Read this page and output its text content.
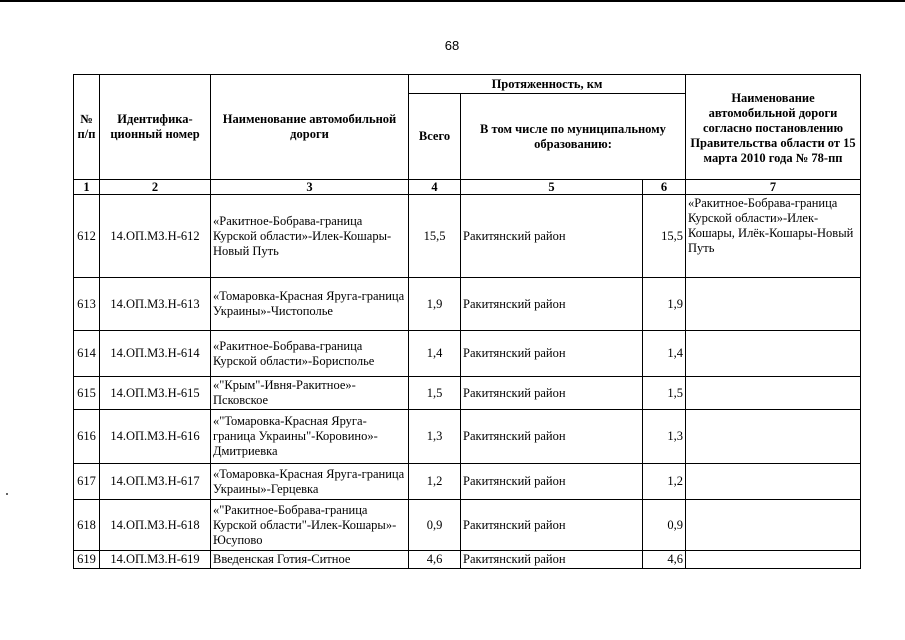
68
№ п/п	Идентифика-ционный номер	Наименование автомобильной дороги	Протяженность, км			Наименование автомобильной дороги согласно постановлению Правительства области от 15 марта 2010 года № 78-пп
			Всего	В том числе по муниципальному образованию:		
1	2	3	4	5	6	7
612	14.ОП.МЗ.Н-612	«Ракитное-Бобрава-граница Курской области»-Илек-Кошары-Новый Путь	15,5	Ракитянский район	15,5	«Ракитное-Бобрава-граница Курской области»-Илек-Кошары, Илёк-Кошары-Новый Путь
613	14.ОП.МЗ.Н-613	«Томаровка-Красная Яруга-граница Украины»-Чистополье	1,9	Ракитянский район	1,9	
614	14.ОП.МЗ.Н-614	«Ракитное-Бобрава-граница Курской области»-Борисполье	1,4	Ракитянский район	1,4	
615	14.ОП.МЗ.Н-615	«"Крым"-Ивня-Ракитное»-Псковское	1,5	Ракитянский район	1,5	
616	14.ОП.МЗ.Н-616	«"Томаровка-Красная Яруга-граница Украины"-Коровино»-Дмитриевка	1,3	Ракитянский район	1,3	
617	14.ОП.МЗ.Н-617	«Томаровка-Красная Яруга-граница Украины»-Герцевка	1,2	Ракитянский район	1,2	
618	14.ОП.МЗ.Н-618	«"Ракитное-Бобрава-граница Курской области"-Илек-Кошары»-Юсупово	0,9	Ракитянский район	0,9	
619	14.ОП.МЗ.Н-619	Введенская Готия-Ситное	4,6	Ракитянский район	4,6	
